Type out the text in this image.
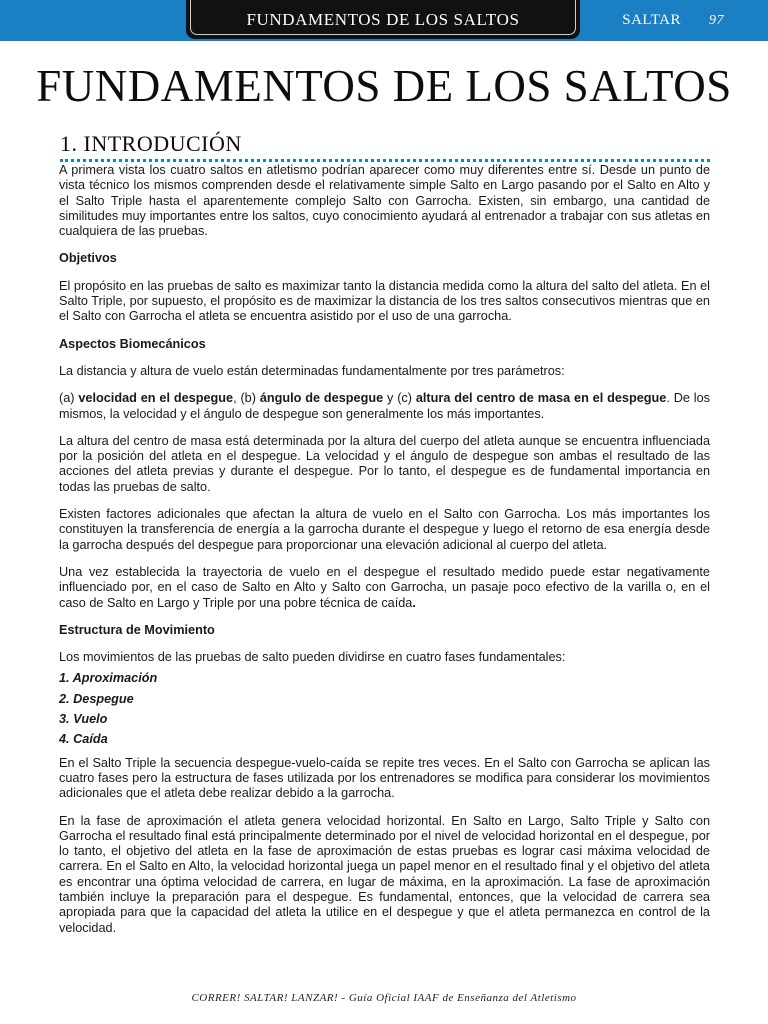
FUNDAMENTOS DE LOS SALTOS	SALTAR 97
FUNDAMENTOS DE LOS SALTOS
1. INTRODUCIÓN

A primera vista los cuatro saltos en atletismo podrían aparecer como muy diferentes entre sí. Desde un punto de vista técnico los mismos comprenden desde el relativamente simple Salto en Largo pasando por el Salto en Alto y el Salto Triple hasta el aparentemente complejo Salto con Garrocha. Existen, sin embargo, una cantidad de similitudes muy importantes entre los saltos, cuyo conocimiento ayudará al entrenador a trabajar con sus atletas en cualquiera de las pruebas.

Objetivos

El propósito en las pruebas de salto es maximizar tanto la distancia medida como la altura del salto del atleta. En el Salto Triple, por supuesto, el propósito es de maximizar la distancia de los tres saltos consecutivos mientras que en el Salto con Garrocha el atleta se encuentra asistido por el uso de una garrocha.

Aspectos Biomecánicos

La distancia y altura de vuelo están determinadas fundamentalmente por tres parámetros:

(a) velocidad en el despegue, (b) ángulo de despegue y (c) altura del centro de masa en el despegue. De los mismos, la velocidad y el ángulo de despegue son generalmente los más importantes.

La altura del centro de masa está determinada por la altura del cuerpo del atleta aunque se encuentra influenciada por la posición del atleta en el despegue. La velocidad y el ángulo de despegue son ambas el resultado de las acciones del atleta previas y durante el despegue. Por lo tanto, el despegue es de fundamental importancia en todas las pruebas de salto.

Existen factores adicionales que afectan la altura de vuelo en el Salto con Garrocha. Los más importantes los constituyen la transferencia de energía a la garrocha durante el despegue y luego el retorno de esa energía desde la garrocha después del despegue para proporcionar una elevación adicional al cuerpo del atleta.

Una vez establecida la trayectoria de vuelo en el despegue el resultado medido puede estar negativamente influenciado por, en el caso de Salto en Alto y Salto con Garrocha, un pasaje poco efectivo de la varilla o, en el caso de Salto en Largo y Triple por una pobre técnica de caída.

Estructura de Movimiento

Los movimientos de las pruebas de salto pueden dividirse en cuatro fases fundamentales:

1. Aproximación
2. Despegue
3. Vuelo
4. Caída

En el Salto Triple la secuencia despegue-vuelo-caída se repite tres veces. En el Salto con Garrocha se aplican las cuatro fases pero la estructura de fases utilizada por los entrenadores se modifica para considerar los movimientos adicionales que el atleta debe realizar debido a la garrocha.

En la fase de aproximación el atleta genera velocidad horizontal. En Salto en Largo, Salto Triple y Salto con Garrocha el resultado final está principalmente determinado por el nivel de velocidad horizontal en el despegue, por lo tanto, el objetivo del atleta en la fase de aproximación de estas pruebas es lograr casi máxima velocidad de carrera. En el Salto en Alto, la velocidad horizontal juega un papel menor en el resultado final y el objetivo del atleta es encontrar una óptima velocidad de carrera, en lugar de máxima, en la aproximación. La fase de aproximación también incluye la preparación para el despegue. Es fundamental, entonces, que la velocidad de carrera sea apropiada para que la capacidad del atleta la utilice en el despegue y que el atleta permanezca en control de la velocidad.

CORRER! SALTAR! LANZAR! - Guía Oficial IAAF de Enseñanza del Atletismo
